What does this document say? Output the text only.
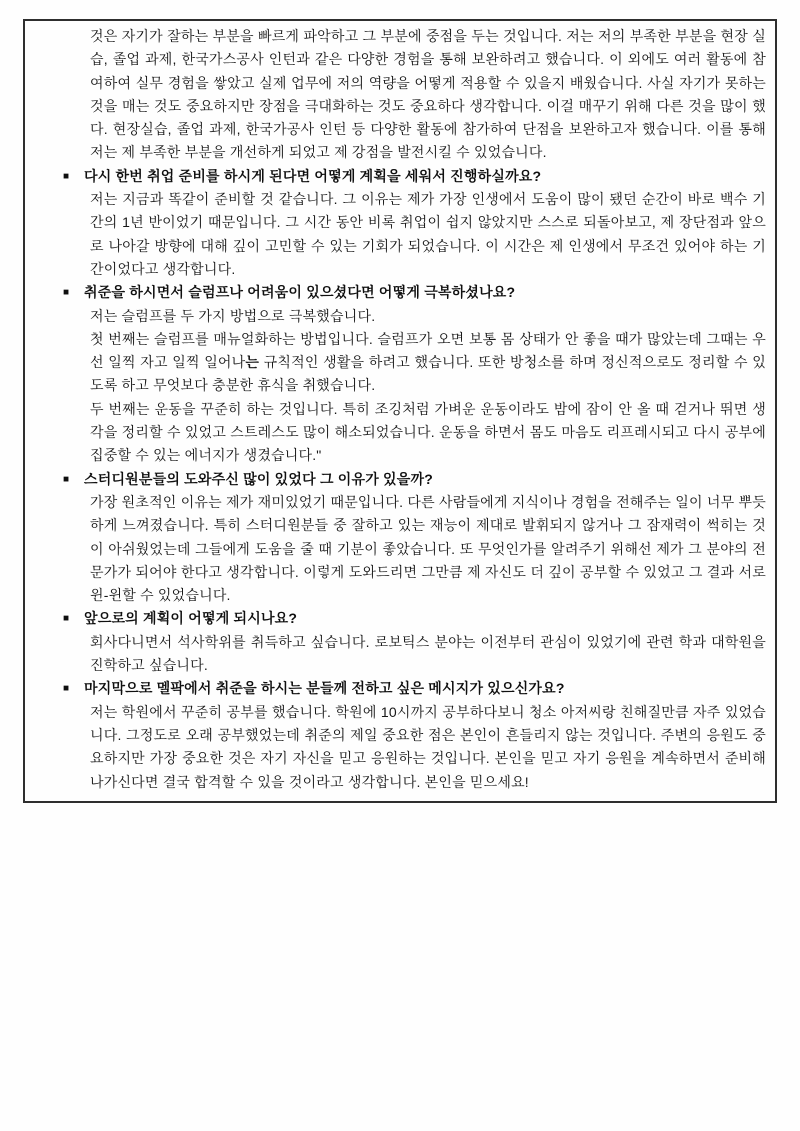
것은 자기가 잘하는 부분을 빠르게 파악하고 그 부분에 중점을 두는 것입니다. 저는 저의 부족한 부분을 현장 실습, 졸업 과제, 한국가스공사 인턴과 같은 다양한 경험을 통해 보완하려고 했습니다. 이 외에도 여러 활동에 참여하여 실무 경험을 쌓았고 실제 업무에 저의 역량을 어떻게 적용할 수 있을지 배웠습니다. 사실 자기가 못하는 것을 매는 것도 중요하지만 장점을 극대화하는 것도 중요하다 생각합니다. 이걸 매꾸기 위해 다른 것을 많이 했다. 현장실습, 졸업 과제, 한국가공사 인턴 등 다양한 활동에 참가하여 단점을 보완하고자 했습니다. 이를 통해 저는 제 부족한 부분을 개선하게 되었고 제 강점을 발전시킬 수 있었습니다.

■ 다시 한번 취업 준비를 하시게 된다면 어떻게 계획을 세워서 진행하실까요?

저는 지금과 똑같이 준비할 것 같습니다. 그 이유는 제가 가장 인생에서 도움이 많이 됐던 순간이 바로 백수 기간의 1년 반이었기 때문입니다. 그 시간 동안 비록 취업이 쉽지 않았지만 스스로 되돌아보고, 제 장단점과 앞으로 나아갈 방향에 대해 깊이 고민할 수 있는 기회가 되었습니다. 이 시간은 제 인생에서 무조건 있어야 하는 기간이었다고 생각합니다.

■ 취준을 하시면서 슬럼프나 어려움이 있으셨다면 어떻게 극복하셨나요?

저는 슬럼프를 두 가지 방법으로 극복했습니다.

첫 번째는 슬럼프를 매뉴얼화하는 방법입니다. 슬럼프가 오면 보통 몸 상태가 안 좋을 때가 많았는데 그때는 우선 일찍 자고 일찍 일어나는 규칙적인 생활을 하려고 했습니다. 또한 방청소를 하며 정신적으로도 정리할 수 있도록 하고 무엇보다 충분한 휴식을 취했습니다.

두 번째는 운동을 꾸준히 하는 것입니다. 특히 조깅처럼 가벼운 운동이라도 밤에 잠이 안 올 때 걷거나 뛰면 생각을 정리할 수 있었고 스트레스도 많이 해소되었습니다. 운동을 하면서 몸도 마음도 리프레시되고 다시 공부에 집중할 수 있는 에너지가 생겼습니다."

■ 스터디원분들의 도와주신 많이 있었다 그 이유가 있을까?

가장 원초적인 이유는 제가 재미있었기 때문입니다. 다른 사람들에게 지식이나 경험을 전해주는 일이 너무 뿌듯하게 느껴졌습니다. 특히 스터디원분들 중 잘하고 있는 재능이 제대로 발휘되지 않거나 그 잠재력이 썩히는 것이 아쉬웠었는데 그들에게 도움을 줄 때 기분이 좋았습니다. 또 무엇인가를 알려주기 위해선 제가 그 분야의 전문가가 되어야 한다고 생각합니다. 이렇게 도와드리면 그만큼 제 자신도 더 깊이 공부할 수 있었고 그 결과 서로 윈-윈할 수 있었습니다.

■ 앞으로의 계획이 어떻게 되시나요?

회사다니면서 석사학위를 취득하고 싶습니다. 로보틱스 분야는 이전부터 관심이 있었기에 관련 학과 대학원을 진학하고 싶습니다.

■ 마지막으로 멜팍에서 취준을 하시는 분들께 전하고 싶은 메시지가 있으신가요?

저는 학원에서 꾸준히 공부를 했습니다. 학원에 10시까지 공부하다보니 청소 아저씨랑 친해질만큼 자주 있었습니다. 그정도로 오래 공부했었는데 취준의 제일 중요한 점은 본인이 흔들리지 않는 것입니다. 주변의 응원도 중요하지만 가장 중요한 것은 자기 자신을 믿고 응원하는 것입니다. 본인을 믿고 자기 응원을 계속하면서 준비해 나가신다면 결국 합격할 수 있을 것이라고 생각합니다. 본인을 믿으세요!
